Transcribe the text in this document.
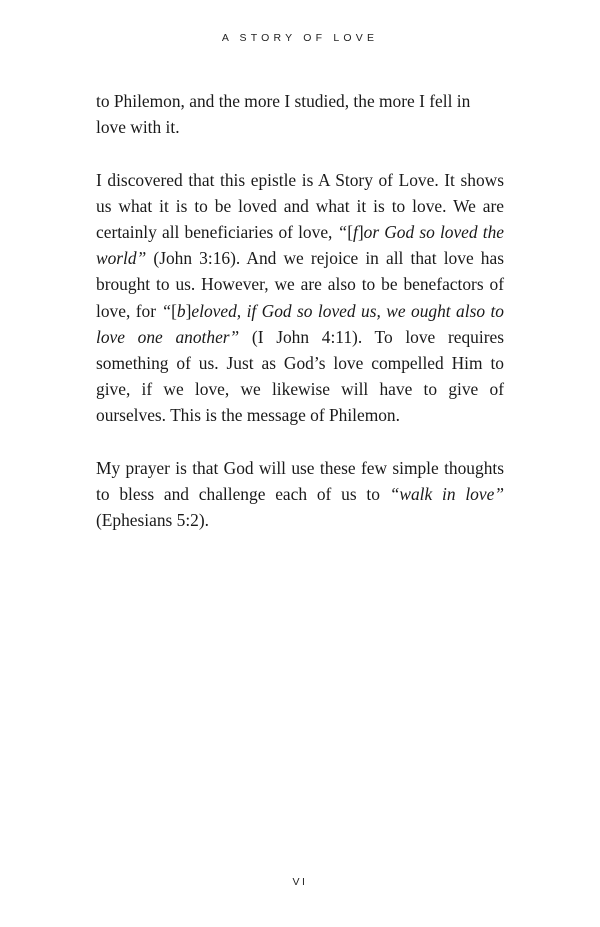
A STORY OF LOVE

to Philemon, and the more I studied, the more I fell in love with it.

I discovered that this epistle is A Story of Love. It shows us what it is to be loved and what it is to love. We are certainly all beneficiaries of love, “[f]or God so loved the world” (John 3:16). And we rejoice in all that love has brought to us. However, we are also to be benefactors of love, for “[b]eloved, if God so loved us, we ought also to love one another” (I John 4:11). To love requires something of us. Just as God’s love compelled Him to give, if we love, we likewise will have to give of ourselves. This is the message of Philemon.

My prayer is that God will use these few simple thoughts to bless and challenge each of us to “walk in love” (Ephesians 5:2).

VI
